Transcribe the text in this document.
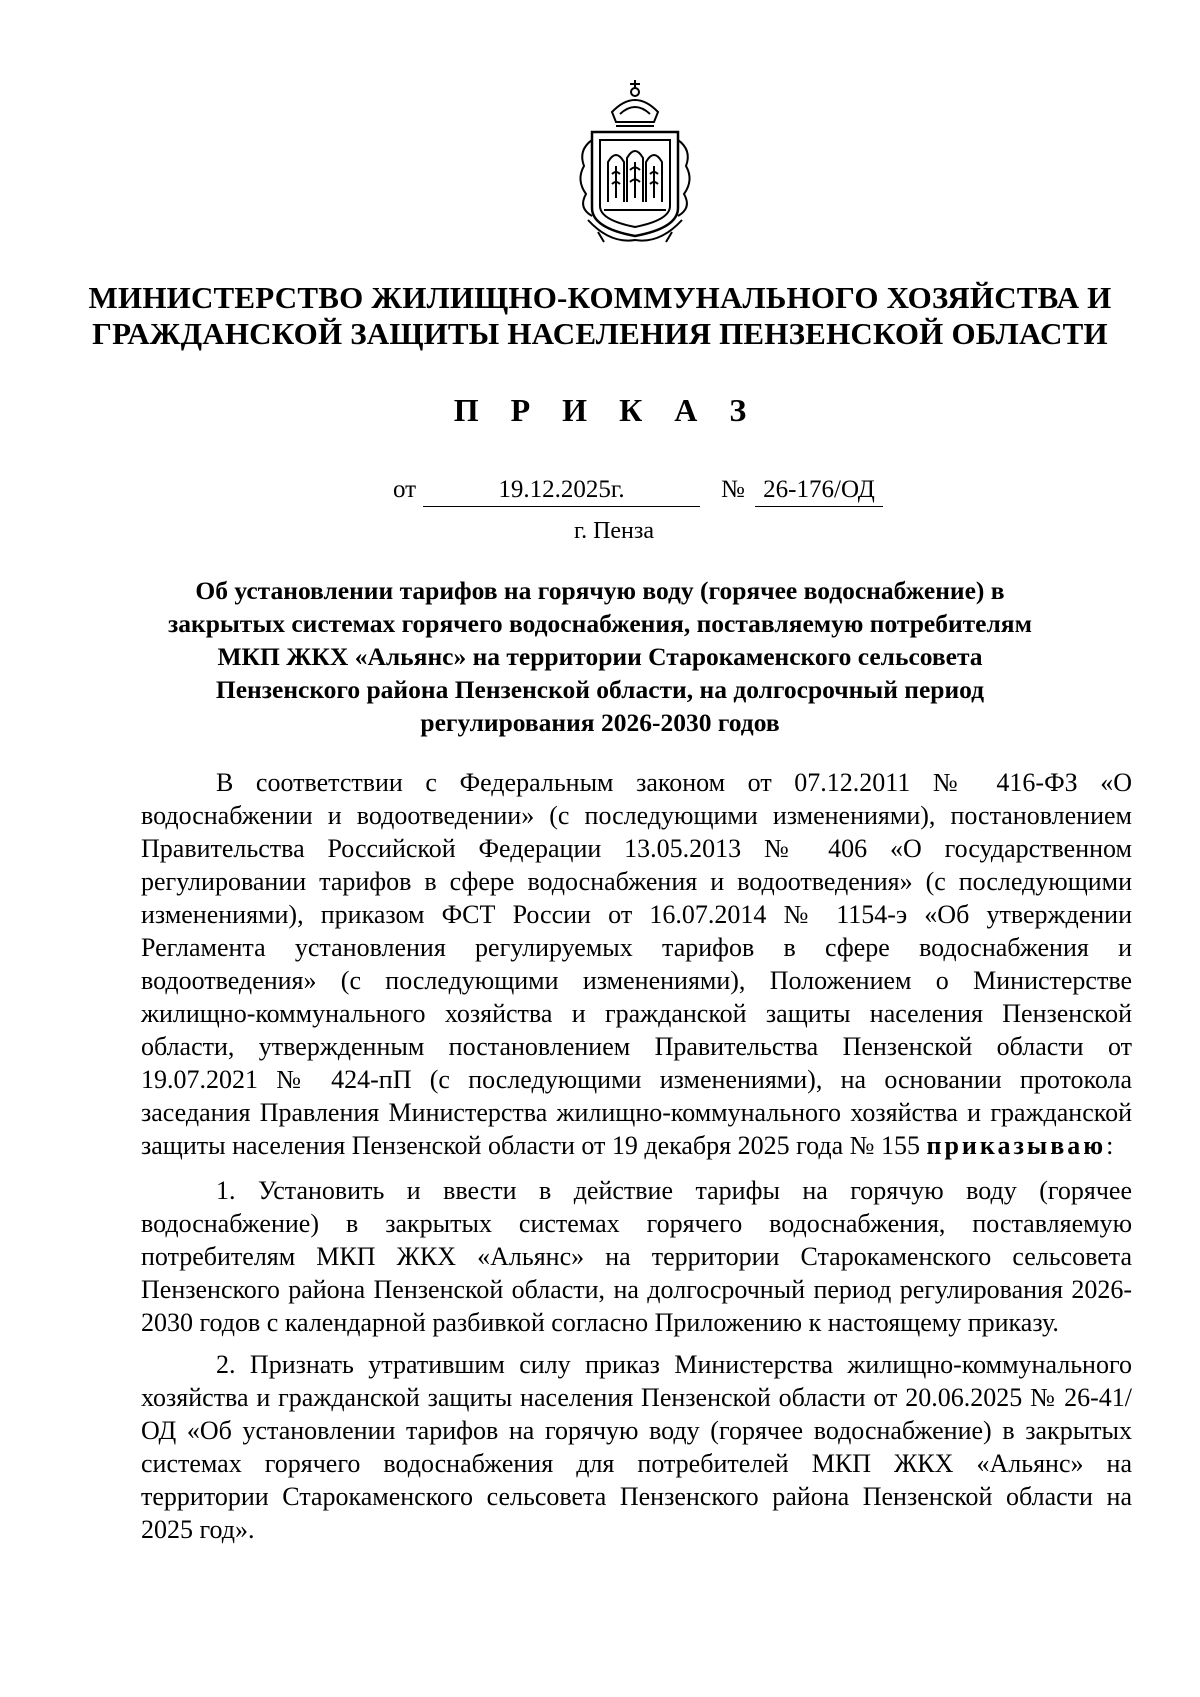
МИНИСТЕРСТВО ЖИЛИЩНО-КОММУНАЛЬНОГО ХОЗЯЙСТВА И
ГРАЖДАНСКОЙ ЗАЩИТЫ НАСЕЛЕНИЯ ПЕНЗЕНСКОЙ ОБЛАСТИ
П Р И К А З
от	19.12.2025г.	№ 26-176/ОД
г. Пенза
Об установлении тарифов на горячую воду (горячее водоснабжение) в
закрытых системах горячего водоснабжения, поставляемую потребителям
МКП ЖКХ «Альянс» на территории Старокаменского сельсовета
Пензенского района Пензенской области, на долгосрочный период
регулирования 2026-2030 годов

В соответствии с Федеральным законом от 07.12.2011 № 416-ФЗ «О водоснабжении и водоотведении» (с последующими изменениями), постановлением Правительства Российской Федерации 13.05.2013 № 406 «О государственном регулировании тарифов в сфере водоснабжения и водоотведения» (с последующими изменениями), приказом ФСТ России от 16.07.2014 № 1154-э «Об утверждении Регламента установления регулируемых тарифов в сфере водоснабжения и водоотведения» (с последующими изменениями), Положением о Министерстве жилищно-коммунального хозяйства и гражданской защиты населения Пензенской области, утвержденным постановлением Правительства Пензенской области от 19.07.2021 № 424-пП (с последующими изменениями), на основании протокола заседания Правления Министерства жилищно-коммунального хозяйства и гражданской защиты населения Пензенской области от 19 декабря 2025 года № 155 приказываю:

1. Установить и ввести в действие тарифы на горячую воду (горячее водоснабжение) в закрытых системах горячего водоснабжения, поставляемую потребителям МКП ЖКХ «Альянс» на территории Старокаменского сельсовета Пензенского района Пензенской области, на долгосрочный период регулирования 2026-2030 годов с календарной разбивкой согласно Приложению к настоящему приказу.

2. Признать утратившим силу приказ Министерства жилищно-коммунального хозяйства и гражданской защиты населения Пензенской области от 20.06.2025 № 26-41/ОД «Об установлении тарифов на горячую воду (горячее водоснабжение) в закрытых системах горячего водоснабжения для потребителей МКП ЖКХ «Альянс» на территории Старокаменского сельсовета Пензенского района Пензенской области на 2025 год».
